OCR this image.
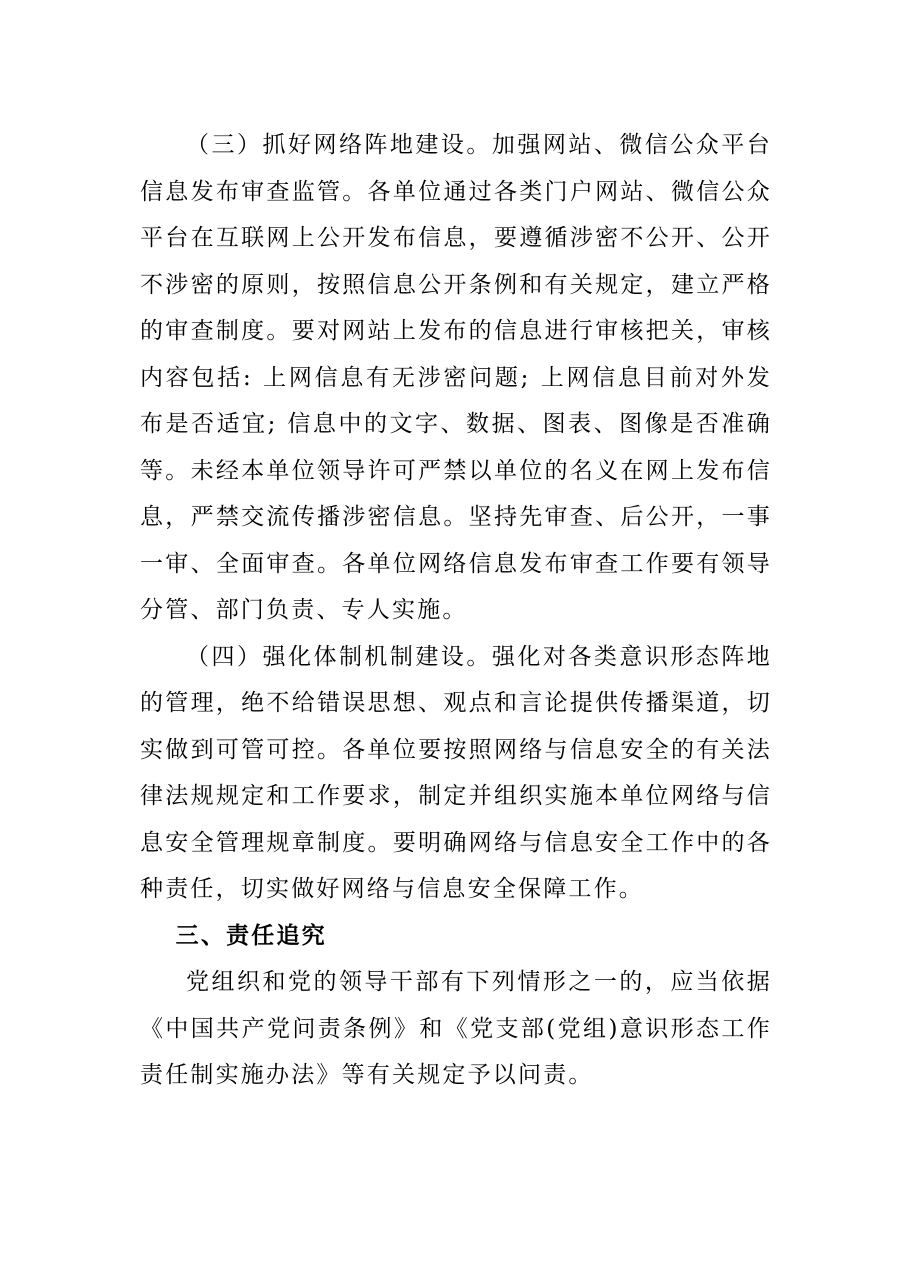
（三）抓好网络阵地建设。加强网站、微信公众平台信息发布审查监管。各单位通过各类门户网站、微信公众平台在互联网上公开发布信息，要遵循涉密不公开、公开不涉密的原则，按照信息公开条例和有关规定，建立严格的审查制度。要对网站上发布的信息进行审核把关，审核内容包括: 上网信息有无涉密问题; 上网信息目前对外发布是否适宜; 信息中的文字、数据、图表、图像是否准确等。未经本单位领导许可严禁以单位的名义在网上发布信息，严禁交流传播涉密信息。坚持先审查、后公开，一事一审、全面审查。各单位网络信息发布审查工作要有领导分管、部门负责、专人实施。

（四）强化体制机制建设。强化对各类意识形态阵地的管理，绝不给错误思想、观点和言论提供传播渠道，切实做到可管可控。各单位要按照网络与信息安全的有关法律法规规定和工作要求，制定并组织实施本单位网络与信息安全管理规章制度。要明确网络与信息安全工作中的各种责任，切实做好网络与信息安全保障工作。

三、责任追究

党组织和党的领导干部有下列情形之一的，应当依据《中国共产党问责条例》和《党支部(党组)意识形态工作责任制实施办法》等有关规定予以问责。
